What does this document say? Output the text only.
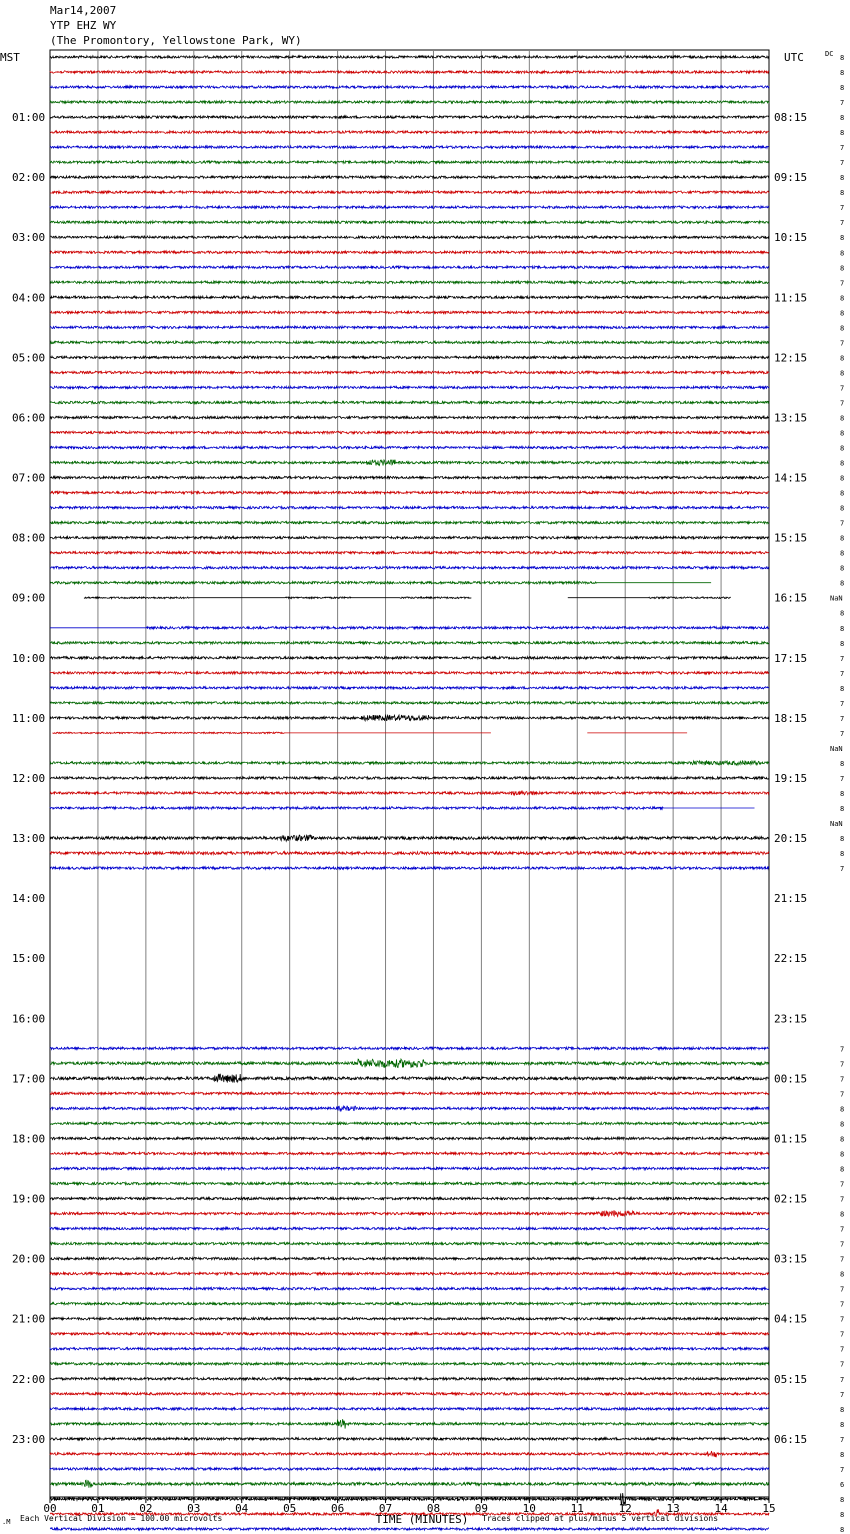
Mar14,2007
YTP EHZ WY
(The Promontory, Yellowstone Park, WY)
MST	UTC	DC
01:00
02:00
03:00
04:00
05:00
06:00
07:00
08:00
09:00
10:00
11:00
12:00
13:00
14:00
15:00
16:00
17:00
18:00
19:00
20:00
21:00
22:00
23:00
08:15
09:15
10:15
11:15
12:15
13:15
14:15
15:15
16:15
17:15
18:15
19:15
20:15
21:15
22:15
23:15
00:15
01:15
02:15
03:15
04:15
05:15
06:15
8
8
8
7
8
8
7
7
8
8
7
7
8
8
8
7
8
8
8
7
8
8
7
7
8
8
8
8
8
8
8
7
8
8
8
8
NaN
8
8
8
7
7
8
7
7
7
NaN
8
7
8
8
NaN
8
8
7
7
7
7
7
8
8
8
8
8
7
7
8
7
7
7
8
7
7
7
7
7
7
7
7
8
8
7
8
7
6
8
8
8
00	01	02	03	04	05	06	07	08	09	10	11	12	13	14	15
TIME (MINUTES)
Each Vertical Division = 100.00 microvolts	Traces clipped at plus/minus 5 vertical divisions
.M
